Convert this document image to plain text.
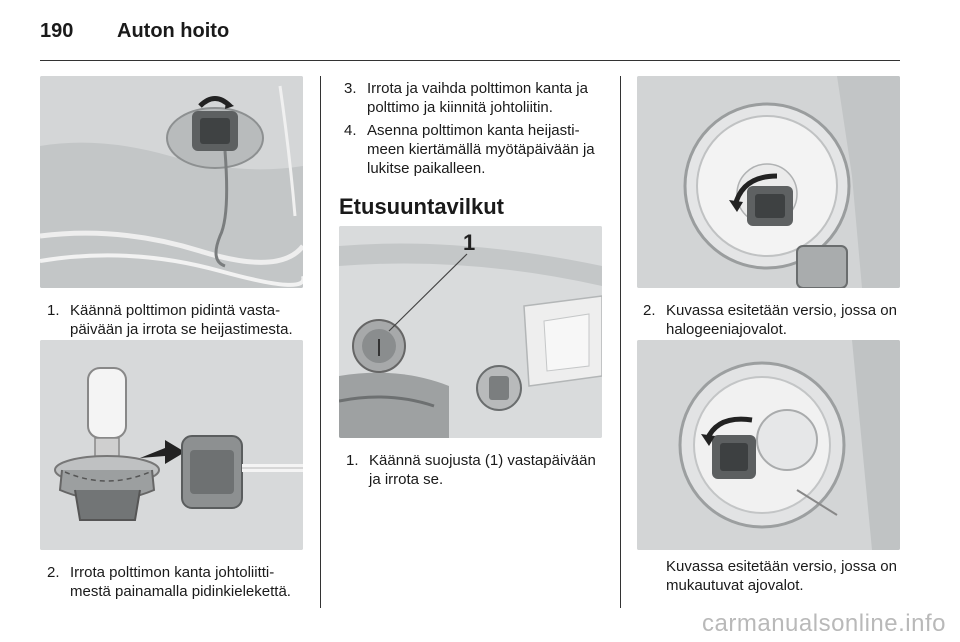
190 Auton hoito
1. Käännä polttimon pidintä vastapäivään ja irrota se heijastimesta.
2. Irrota polttimon kanta johtoliittimestä painamalla pidinkielekettä.
3. Irrota ja vaihda polttimon kanta ja polttimo ja kiinnitä johtoliitin.
4. Asenna polttimon kanta heijastimeen kiertämällä myötäpäivään ja lukitse paikalleen.
Etusuuntavilkut
1
1. Käännä suojusta (1) vastapäivään ja irrota se.
2. Kuvassa esitetään versio, jossa on halogeeniajovalot.
Kuvassa esitetään versio, jossa on mukautuvat ajovalot.
carmanualsonline.info
